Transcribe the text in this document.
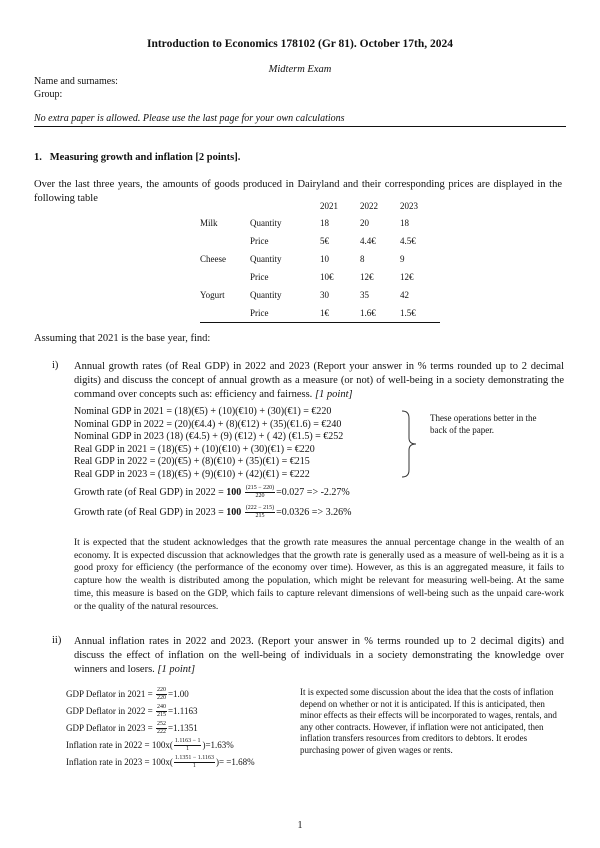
Introduction to Economics 178102 (Gr 81). October 17th, 2024
Midterm Exam
Name and surnames:
Group:
No extra paper is allowed. Please use the last page for your own calculations
1. Measuring growth and inflation [2 points].
Over the last three years, the amounts of goods produced in Dairyland and their corresponding prices are displayed in the following table
		2021	2022	2023
Milk	Quantity	18	20	18
	Price	5€	4.4€	4.5€
Cheese	Quantity	10	8	9
	Price	10€	12€	12€
Yogurt	Quantity	30	35	42
	Price	1€	1.6€	1.5€
Assuming that 2021 is the base year, find:
i) Annual growth rates (of Real GDP) in 2022 and 2023 (Report your answer in % terms rounded up to 2 decimal digits) and discuss the concept of annual growth as a measure (or not) of well-being in a society demonstrating the command over concepts such as: efficiency and fairness. [1 point]
Nominal GDP in 2021 = (18)(€5) + (10)(€10) + (30)(€1) = €220
Nominal GDP in 2022 = (20)(€4.4) + (8)(€12) + (35)(€1.6) = €240
Nominal GDP in 2023 (18) (€4.5) + (9) (€12) + ( 42) (€1.5) = €252
Real GDP in 2021 = (18)(€5) + (10)(€10) + (30)(€1) = €220
Real GDP in 2022 = (20)(€5) + (8)(€10) + (35)(€1) = €215
Real GDP in 2023 = (18)(€5) + (9)(€10) + (42)(€1) = €222
Growth rate (of Real GDP) in $2022 = 100 \frac{(215 - 220)}{220} =0.027 => -2.27\%$
Growth rate (of Real GDP) in $2023 = 100 \frac{(222 - 215)}{215} =0.0326 => 3.26\%$
These operations better in the back of the paper.
It is expected that the student acknowledges that the growth rate measures the annual percentage change in the wealth of an economy. It is expected discussion that acknowledges that the growth rate is generally used as a measure of well-being as it is a good proxy for efficiency (the performance of the economy over time). However, as this is an aggregated measure, it fails to capture how the wealth is distributed among the population, which might be relevant for measuring well-being. At the same time, this measure is based on the GDP, which fails to capture relevant dimensions of well-being such as the unpaid care-work or the quality of the natural resources.
ii) Annual inflation rates in 2022 and 2023. (Report your answer in % terms rounded up to 2 decimal digits) and discuss the effect of inflation on the well-being of individuals in a society demonstrating the knowledge over winners and losers. [1 point]
GDP Deflator in $2021 = \frac{220}{220} =1.00$
GDP Deflator in $2022 = \frac{240}{215} =1.1163$
GDP Deflator in $2023 = \frac{252}{222} =1.1351$
Inflation rate in $2022 = 100x( \frac{1.1163 - 1}{1} )=1.63\%$
Inflation rate in $2023 = 100x( \frac{1.1351 - 1.1163}{1}$ )= =1.68%
It is expected some discussion about the idea that the costs of inflation depend on whether or not it is anticipated. If this is anticipated, then minor effects as their effects will be incorporated to wages, rentals, and any other contracts. However, if inflation were not anticipated, then inflation transfers resources from creditors to debtors. It erodes purchasing power of given wages or rents.
1
